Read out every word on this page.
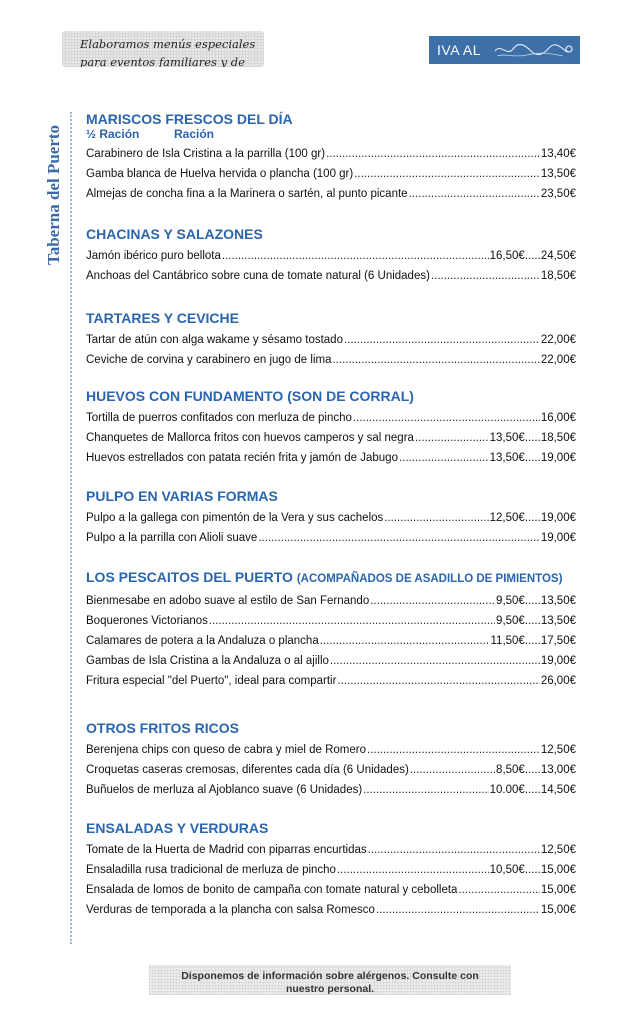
Elaboramos menús especiales
para eventos familiares y de
IVA AL
Taberna del Puerto
MARISCOS FRESCOS DEL DÍA
½ Ración	Ración
Carabinero de Isla Cristina a la parrilla (100 gr) .....	13,40€
Gamba blanca de Huelva hervida o plancha (100 gr) .....	13,50€
Almejas de concha fina a la Marinera o sartén, al punto picante .....	23,50€
CHACINAS Y SALAZONES
Jamón ibérico puro bellota .....	16,50€ ..... 24,50€
Anchoas del Cantábrico sobre cuna de tomate natural (6 Unidades) .....	18,50€
TARTARES Y CEVICHE
Tartar de atún con alga wakame y sésamo tostado .....	22,00€
Ceviche de corvina y carabinero en jugo de lima .....	22,00€
HUEVOS CON FUNDAMENTO (SON DE CORRAL)
Tortilla de puerros confitados con merluza de pincho .....	16,00€
Chanquetes de Mallorca fritos con huevos camperos y sal negra .....	13,50€ ..... 18,50€
Huevos estrellados con patata recién frita y jamón de Jabugo .....	13,50€ ..... 19,00€
PULPO EN VARIAS FORMAS
Pulpo a la gallega con pimentón de la Vera y sus cachelos .....	12,50€ ..... 19,00€
Pulpo a la parrilla con Alioli suave .....	19,00€
LOS PESCAITOS DEL PUERTO (ACOMPAÑADOS DE ASADILLO DE PIMIENTOS)
Bienmesabe en adobo suave al estilo de San Fernando .....	9,50€ ..... 13,50€
Boquerones Victorianos .....	9,50€ ..... 13,50€
Calamares de potera a la Andaluza o plancha .....	11,50€ ..... 17,50€
Gambas de Isla Cristina a la Andaluza o al ajillo .....	19,00€
Fritura especial "del Puerto", ideal para compartir .....	26,00€
OTROS FRITOS RICOS
Berenjena chips con queso de cabra y miel de Romero .....	12,50€
Croquetas caseras cremosas, diferentes cada día (6 Unidades) .....	8,50€ ..... 13,00€
Buñuelos de merluza al Ajoblanco suave (6 Unidades) .....	10.00€ ..... 14,50€
ENSALADAS Y VERDURAS
Tomate de la Huerta de Madrid con piparras encurtidas .....	12,50€
Ensaladilla rusa tradicional de merluza de pincho .....	10,50€ ..... 15,00€
Ensalada de lomos de bonito de campaña con tomate natural y cebolleta .....	15,00€
Verduras de temporada a la plancha con salsa Romesco .....	15,00€
Disponemos de información sobre alérgenos. Consulte con
nuestro personal.
